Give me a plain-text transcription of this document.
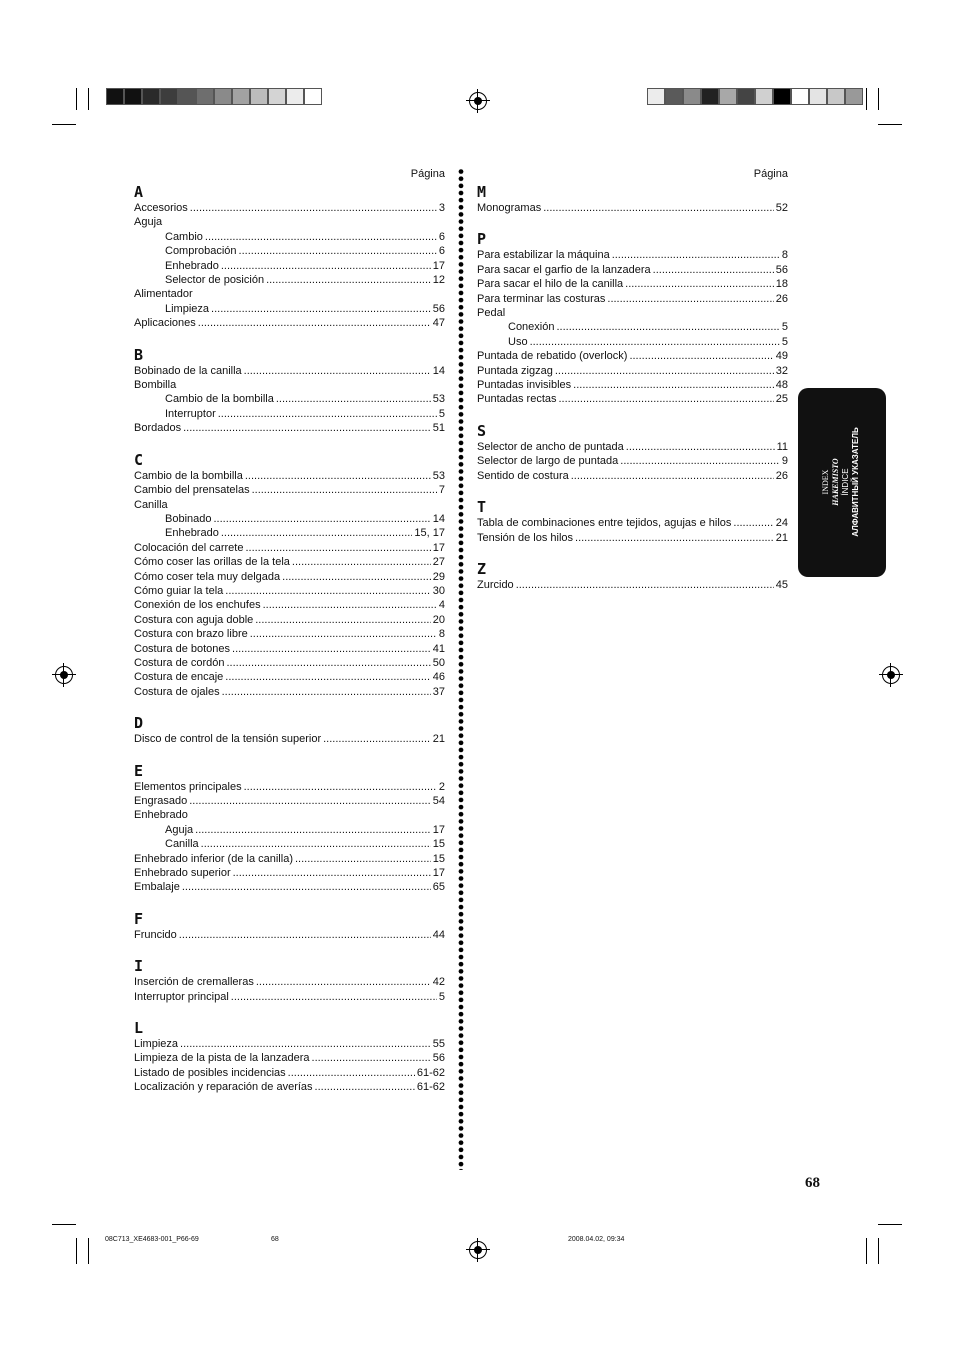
Página
A
Accesorios .....	3
Aguja
Cambio .....	6
Comprobación .....	6
Enhebrado .....	17
Selector de posición .....	12
Alimentador
Limpieza .....	56
Aplicaciones .....	47
B
Bobinado de la canilla .....	14
Bombilla
Cambio de la bombilla .....	53
Interruptor .....	5
Bordados .....	51
C
Cambio de la bombilla .....	53
Cambio del prensatelas .....	7
Canilla
Bobinado .....	14
Enhebrado .....	15, 17
Colocación del carrete .....	17
Cómo coser las orillas de la tela .....	27
Cómo coser tela muy delgada .....	29
Cómo guiar la tela .....	30
Conexión de los enchufes .....	4
Costura con aguja doble .....	20
Costura con brazo libre .....	8
Costura de botones .....	41
Costura de cordón .....	50
Costura de encaje .....	46
Costura de ojales .....	37
D
Disco de control de la tensión superior .....	21
E
Elementos principales .....	2
Engrasado .....	54
Enhebrado
Aguja .....	17
Canilla .....	15
Enhebrado inferior (de la canilla) .....	15
Enhebrado superior .....	17
Embalaje .....	65
F
Fruncido .....	44
I
Inserción de cremalleras .....	42
Interruptor principal .....	5
L
Limpieza .....	55
Limpieza de la pista de la lanzadera .....	56
Listado de posibles incidencias .....	61-62
Localización y reparación de averías .....	61-62
Página
M
Monogramas .....	52
P
Para estabilizar la máquina .....	8
Para sacar el garfio de la lanzadera .....	56
Para sacar el hilo de la canilla .....	18
Para terminar las costuras .....	26
Pedal
Conexión .....	5
Uso .....	5
Puntada de rebatido (overlock) .....	49
Puntada zigzag .....	32
Puntadas invisibles .....	48
Puntadas rectas .....	25
S
Selector de ancho de puntada .....	11
Selector de largo de puntada .....	9
Sentido de costura .....	26
T
Tabla de combinaciones entre tejidos, agujas e hilos .....	24
Tensión de los hilos .....	21
Z
Zurcido .....	45
INDEX HAKEMISTO ÍNDICE АЛФАВИТНЫЙ УКАЗАТЕЛЬ
68
08C713_XE4683-001_P66-69	68	2008.04.02, 09:34
